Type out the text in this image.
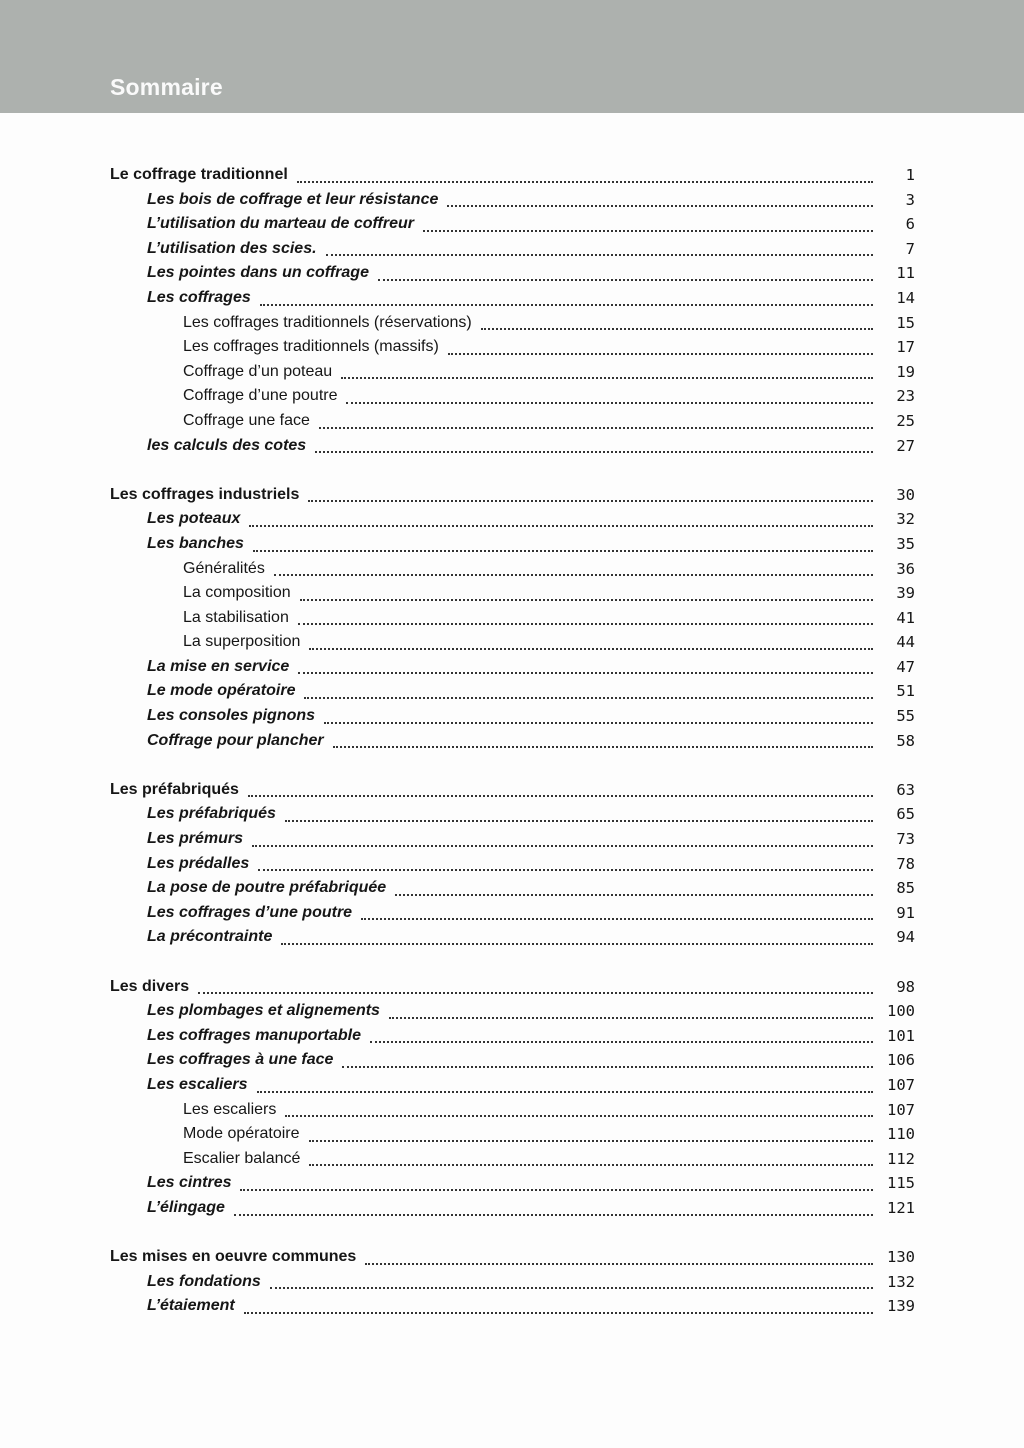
Sommaire
Le coffrage traditionnel	1
Les bois de coffrage et leur résistance	3
L’utilisation du marteau de coffreur	6
L’utilisation des scies.	7
Les pointes dans un coffrage	11
Les coffrages	14
Les coffrages traditionnels (réservations)	15
Les coffrages traditionnels (massifs)	17
Coffrage d’un poteau	19
Coffrage d’une poutre	23
Coffrage une face	25
les calculs des cotes	27
Les coffrages industriels	30
Les poteaux	32
Les banches	35
Généralités	36
La composition	39
La stabilisation	41
La superposition	44
La mise en service	47
Le mode opératoire	51
Les consoles pignons	55
Coffrage pour plancher	58
Les préfabriqués	63
Les préfabriqués	65
Les prémurs	73
Les prédalles	78
La pose de poutre préfabriquée	85
Les coffrages d’une poutre	91
La précontrainte	94
Les divers	98
Les plombages et alignements	100
Les coffrages manuportable	101
Les coffrages à une face	106
Les escaliers	107
Les escaliers	107
Mode opératoire	110
Escalier balancé	112
Les cintres	115
L’élingage	121
Les mises en oeuvre communes	130
Les fondations	132
L’étaiement	139
